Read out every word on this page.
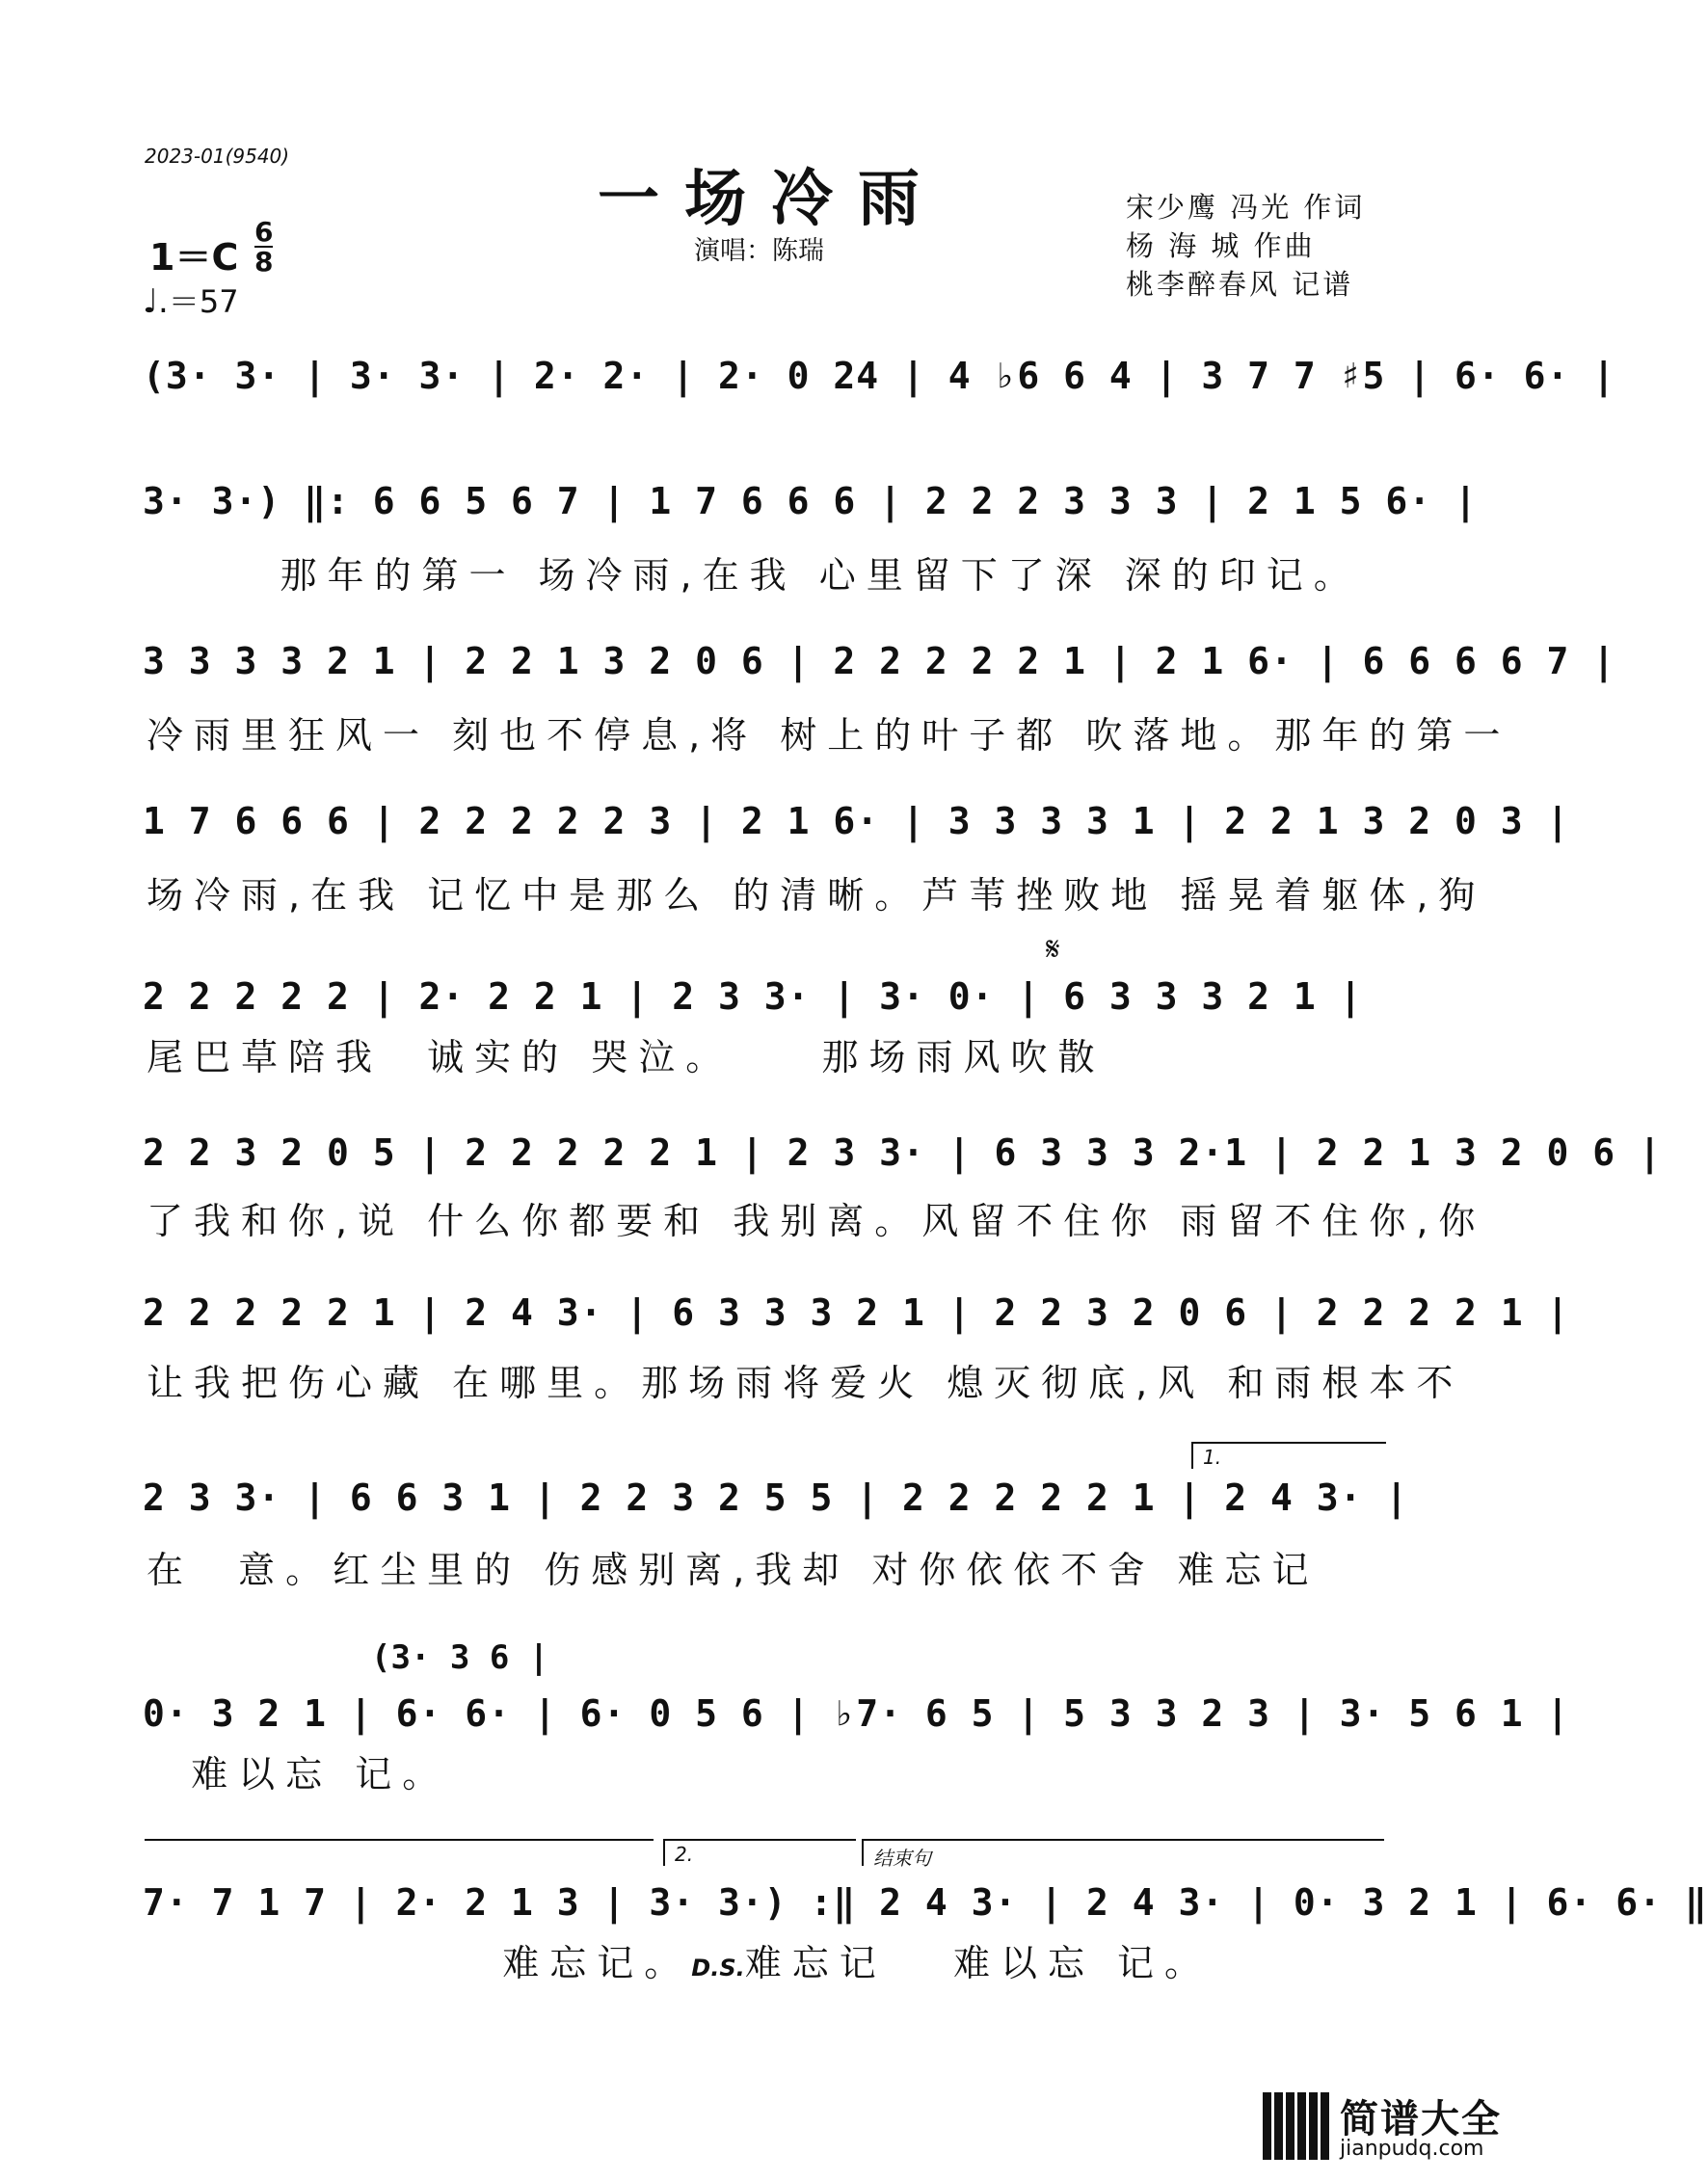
2023-01(9540)
一场冷雨
演唱：陈瑞
宋少鹰 冯光 作词
杨 海 城 作曲
桃李醉春风 记谱
$1=C \frac{6}{8}$
♩.＝57
(3· 3· | 3· 3· | 2· 2· | 2· 0 24 | 4 ♭6 6 4 | 3 7 7 ♯5 | 6· 6· |
3· 3·) ‖: 6 6 5 6 7 | 1 7 6 6 6 | 2 2 2 3 3 3 | 2 1 5 6· |
那年的第一 场冷雨,在我 心里留下了深 深的印记。
3 3 3 3 2 1 | 2 2 1 3 2 0 6 | 2 2 2 2 2 1 | 2 1 6· | 6 6 6 6 7 |
冷雨里狂风一 刻也不停息,将 树上的叶子都 吹落地。那年的第一
1 7 6 6 6 | 2 2 2 2 2 3 | 2 1 6· | 3 3 3 3 1 | 2 2 1 3 2 0 3 |
场冷雨,在我 记忆中是那么 的清晰。芦苇挫败地 摇晃着躯体,狗
𝄋
2 2 2 2 2 | 2· 2 2 1 | 2 3 3· | 3· 0· | 6 3 3 3 2 1 |
尾巴草陪我  诚实的 哭泣。    那场雨风吹散
2 2 3 2 0 5 | 2 2 2 2 2 1 | 2 3 3· | 6 3 3 3 2·1 | 2 2 1 3 2 0 6 |
了我和你,说 什么你都要和 我别离。风留不住你 雨留不住你,你
2 2 2 2 2 1 | 2 4 3· | 6 3 3 3 2 1 | 2 2 3 2 0 6 | 2 2 2 2 1 |
让我把伤心藏 在哪里。那场雨将爱火 熄灭彻底,风 和雨根本不
1.
2 3 3· | 6 6 3 1 | 2 2 3 2 5 5 | 2 2 2 2 2 1 | 2 4 3· |
在  意。红尘里的 伤感别离,我却 对你依依不舍 难忘记
(3· 3 6 |
0· 3 2 1 | 6· 6· | 6· 0 5 6 | ♭7· 6 5 | 5 3 3 2 3 | 3· 5 6 1 |
难以忘 记。
2.	结束句
7· 7 1 7 | 2· 2 1 3 | 3· 3·) :‖ 2 4 3· | 2 4 3· | 0· 3 2 1 | 6· 6· ‖
难忘记。D.S.难忘记   难以忘 记。
简谱大全
jianpudq.com
